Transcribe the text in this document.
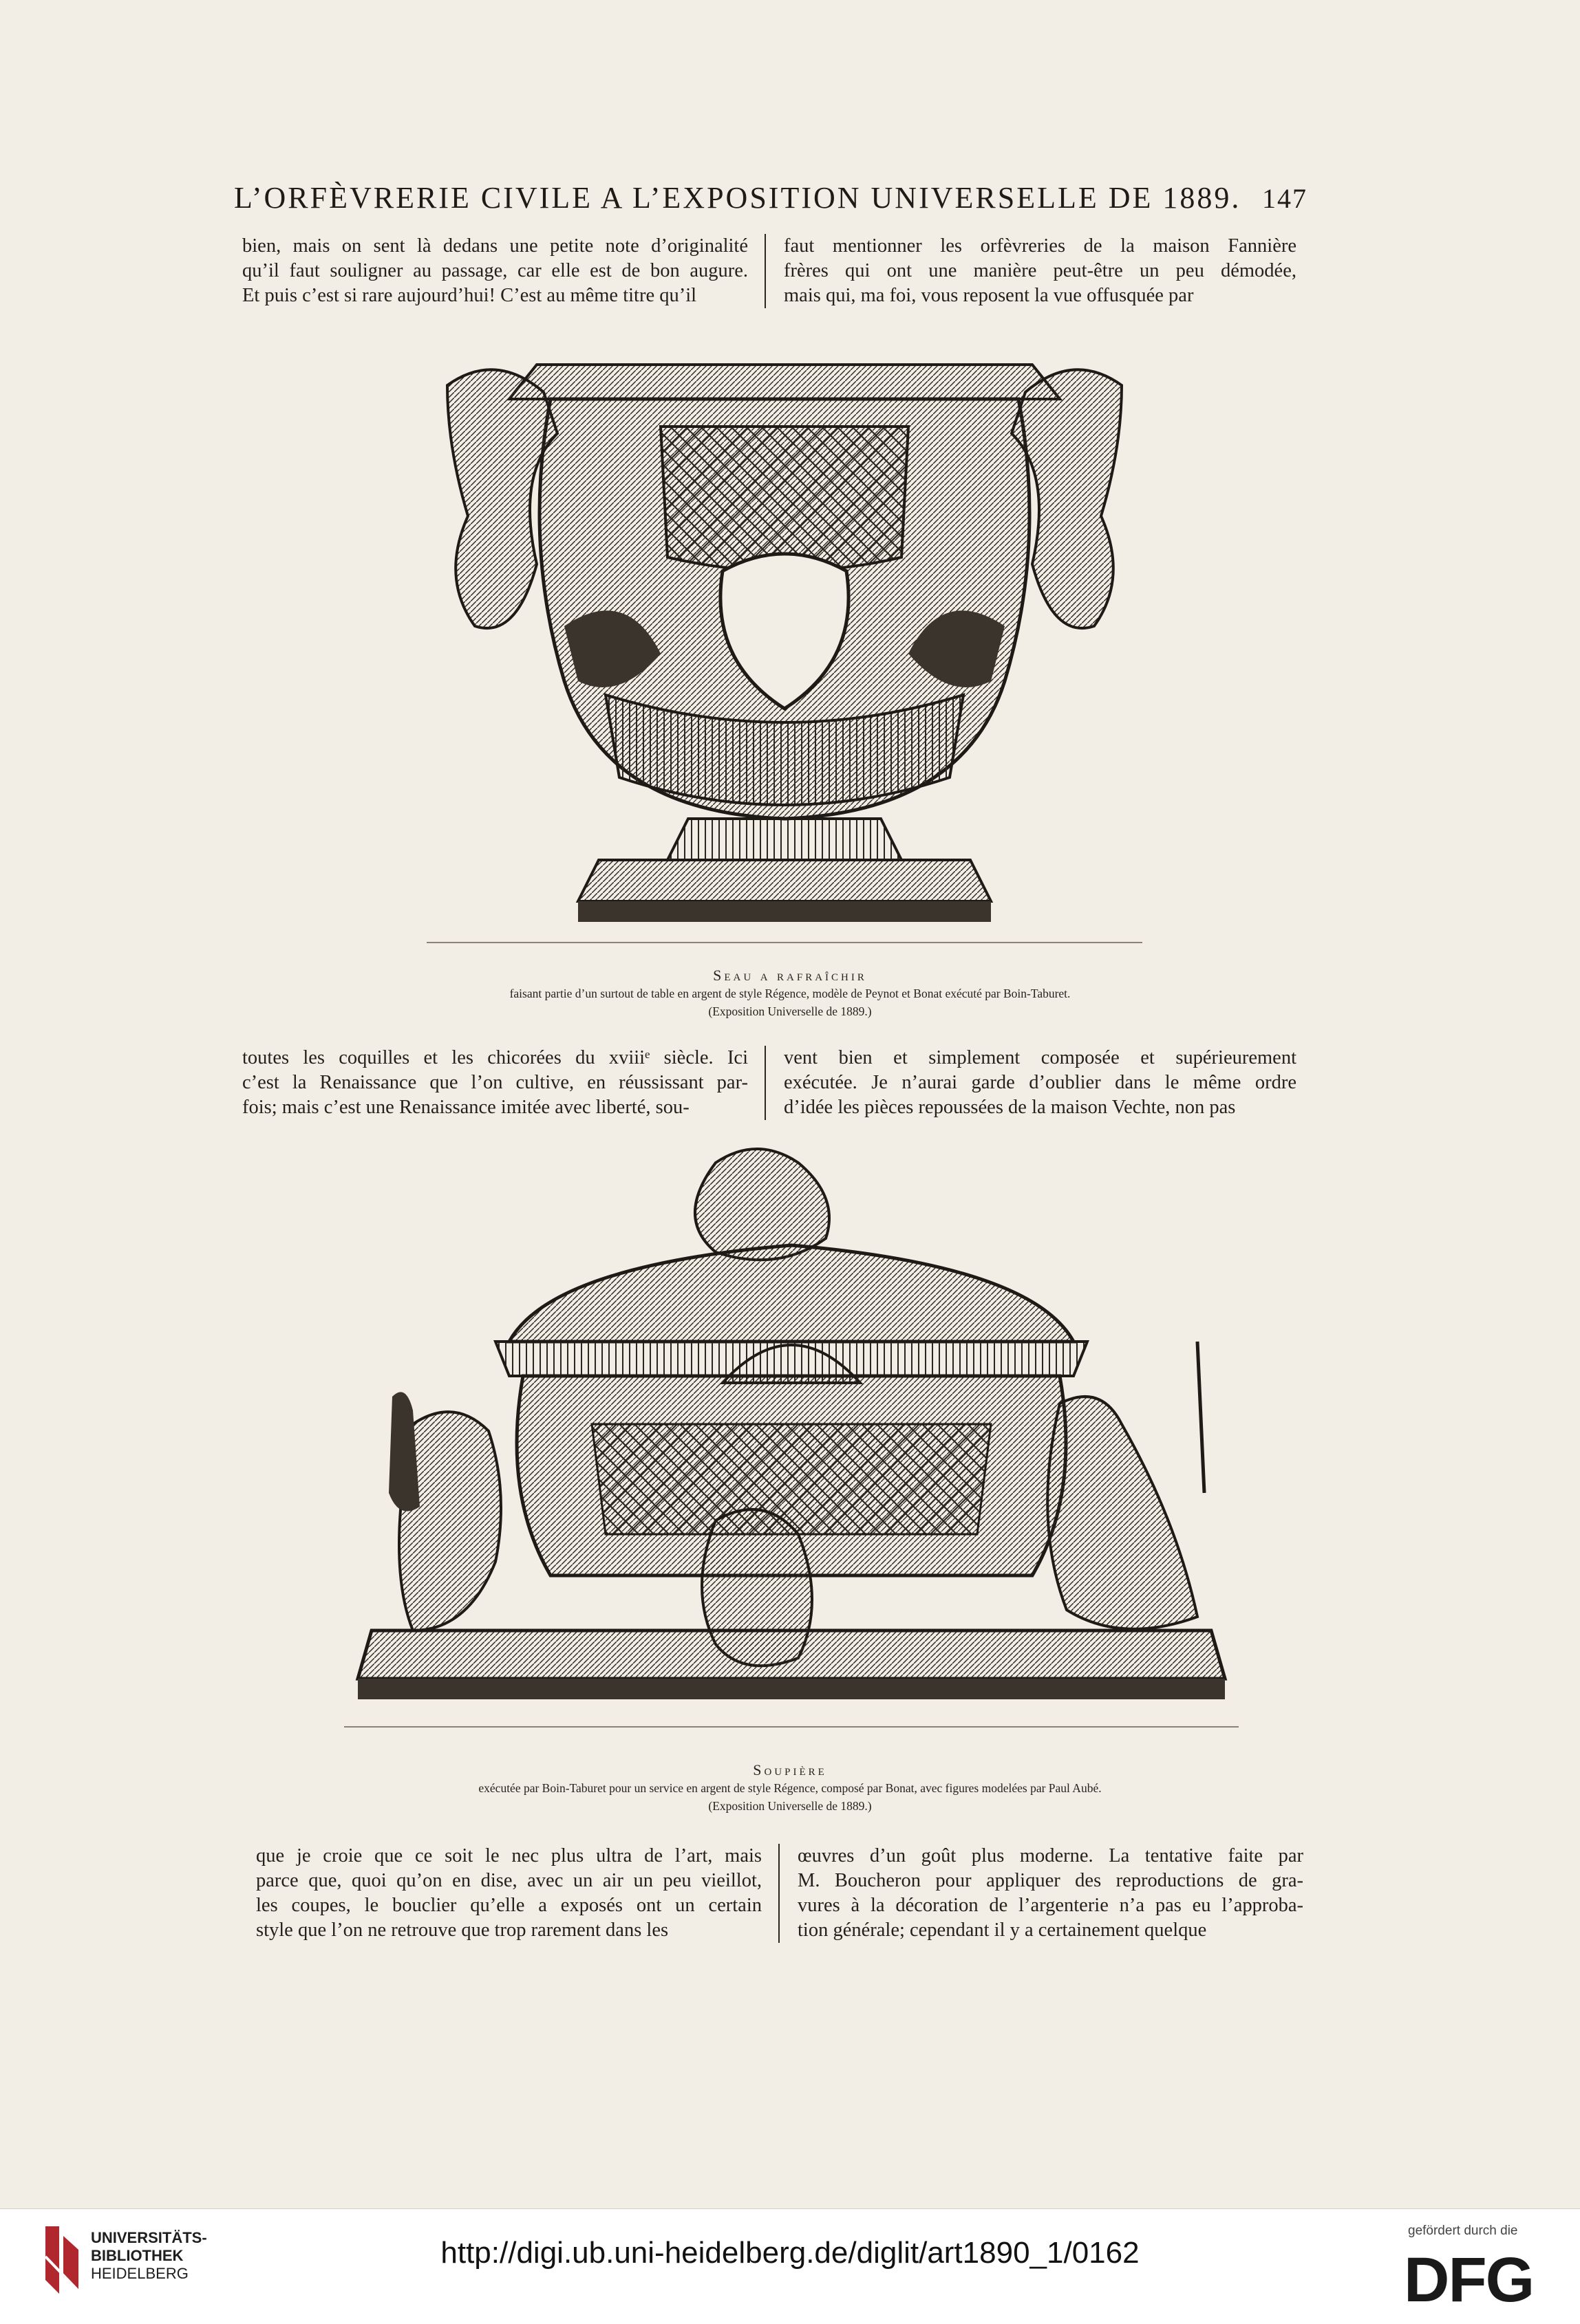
L’ORFÈVRERIE CIVILE A L’EXPOSITION UNIVERSELLE DE 1889. 147
bien, mais on sent là dedans une petite note d’originalité
qu’il faut souligner au passage, car elle est de bon augure.
Et puis c’est si rare aujourd’hui! C’est au même titre qu’il
faut mentionner les orfèvreries de la maison Fannière
frères qui ont une manière peut-être un peu démodée,
mais qui, ma foi, vous reposent la vue offusquée par
Seau a rafraîchir
faisant partie d’un surtout de table en argent de style Régence, modèle de Peynot et Bonat exécuté par Boin-Taburet.
(Exposition Universelle de 1889.)
toutes les coquilles et les chicorées du xviiiᵉ siècle. Ici
c’est la Renaissance que l’on cultive, en réussissant par-
fois; mais c’est une Renaissance imitée avec liberté, sou-
vent bien et simplement composée et supérieurement
exécutée. Je n’aurai garde d’oublier dans le même ordre
d’idée les pièces repoussées de la maison Vechte, non pas
Soupière
exécutée par Boin-Taburet pour un service en argent de style Régence, composé par Bonat, avec figures modelées par Paul Aubé.
(Exposition Universelle de 1889.)
que je croie que ce soit le nec plus ultra de l’art, mais
parce que, quoi qu’on en dise, avec un air un peu vieillot,
les coupes, le bouclier qu’elle a exposés ont un certain
style que l’on ne retrouve que trop rarement dans les
œuvres d’un goût plus moderne. La tentative faite par
M. Boucheron pour appliquer des reproductions de gra-
vures à la décoration de l’argenterie n’a pas eu l’approba-
tion générale; cependant il y a certainement quelque
UNIVERSITÄTS-
BIBLIOTHEK
HEIDELBERG
http://digi.ub.uni-heidelberg.de/diglit/art1890_1/0162
gefördert durch die
DFG
